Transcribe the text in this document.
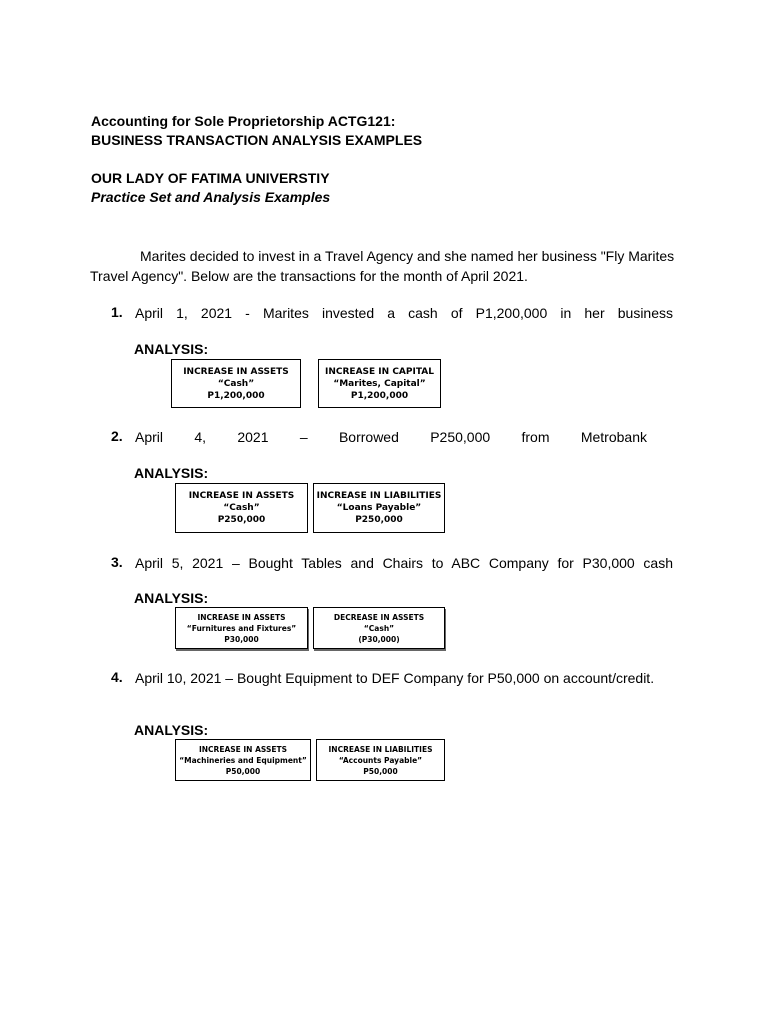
Accounting for Sole Proprietorship ACTG121:
BUSINESS TRANSACTION ANALYSIS EXAMPLES
OUR LADY OF FATIMA UNIVERSTIY
Practice Set and Analysis Examples
Marites decided to invest in a Travel Agency and she named her business "Fly Marites Travel Agency". Below are the transactions for the month of April 2021.
1. April 1, 2021 - Marites invested a cash of P1,200,000 in her business
ANALYSIS:
INCREASE IN ASSETS
“Cash”
P1,200,000
INCREASE IN CAPITAL
“Marites, Capital”
P1,200,000
2. April 4, 2021 – Borrowed P250,000 from Metrobank
ANALYSIS:
INCREASE IN ASSETS
“Cash”
P250,000
INCREASE IN LIABILITIES
“Loans Payable”
P250,000
3. April 5, 2021 – Bought Tables and Chairs to ABC Company for P30,000 cash
ANALYSIS:
INCREASE IN ASSETS
“Furnitures and Fixtures”
P30,000
DECREASE IN ASSETS
“Cash”
(P30,000)
4. April 10, 2021 – Bought Equipment to DEF Company for P50,000 on account/credit.
ANALYSIS:
INCREASE IN ASSETS
“Machineries and Equipment”
P50,000
INCREASE IN LIABILITIES
“Accounts Payable”
P50,000
